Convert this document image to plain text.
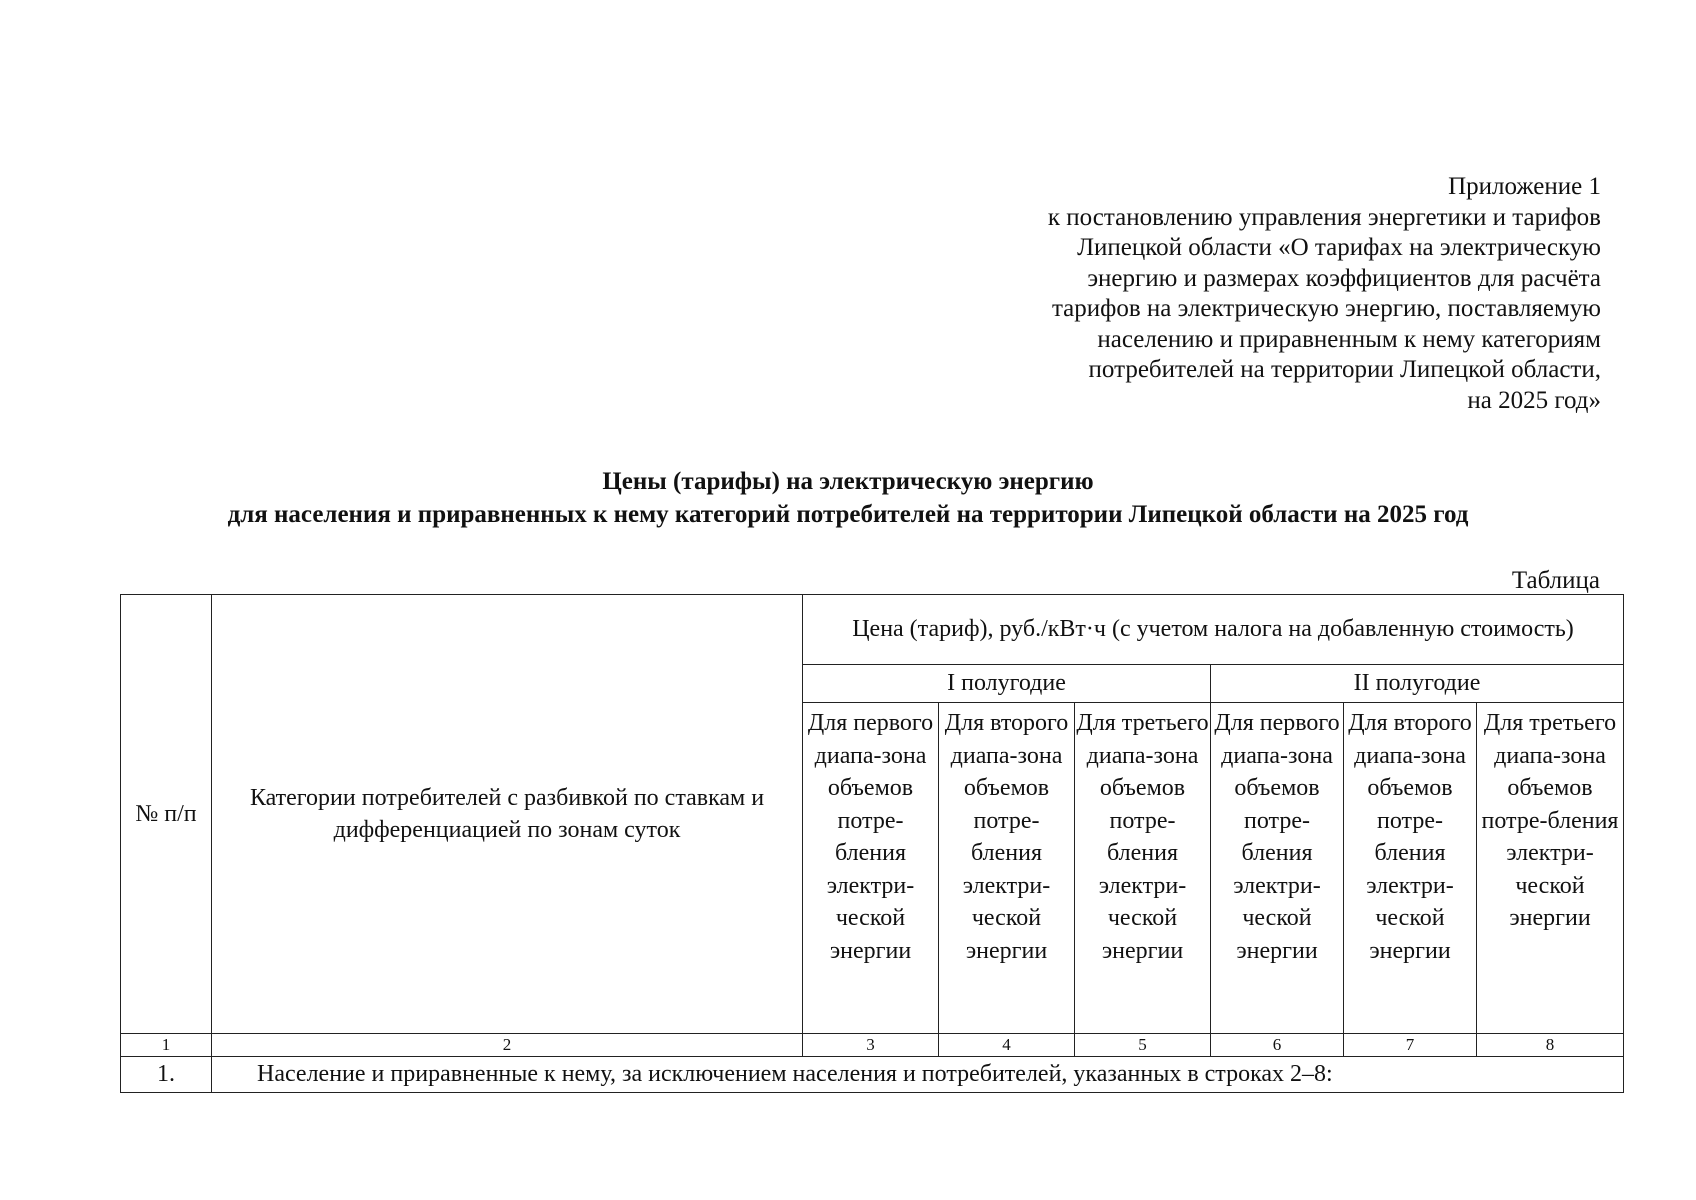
Приложение 1
к постановлению управления энергетики и тарифов
Липецкой области «О тарифах на электрическую
энергию и размерах коэффициентов для расчёта
тарифов на электрическую энергию, поставляемую
населению и приравненным к нему категориям
потребителей на территории Липецкой области,
на 2025 год»
Цены (тарифы) на электрическую энергию
для населения и приравненных к нему категорий потребителей на территории Липецкой области на 2025 год
Таблица
№ п/п	Категории потребителей с разбивкой по ставкам и дифференциацией по зонам суток	Цена (тариф), руб./кВт·ч (с учетом налога на добавленную стоимость)					
		I полугодие			II полугодие		
		Для первого диапа-зона объемов потре-бления электри-ческой энергии	Для второго диапа-зона объемов потре-бления электри-ческой энергии	Для третьего диапа-зона объемов потре-бления электри-ческой энергии	Для первого диапа-зона объемов потре-бления электри-ческой энергии	Для второго диапа-зона объемов потре-бления электри-ческой энергии	Для третьего диапа-зона объемов потре-бления электри-ческой энергии
1	2	3	4	5	6	7	8
1.	Население и приравненные к нему, за исключением населения и потребителей, указанных в строках 2–8:						
